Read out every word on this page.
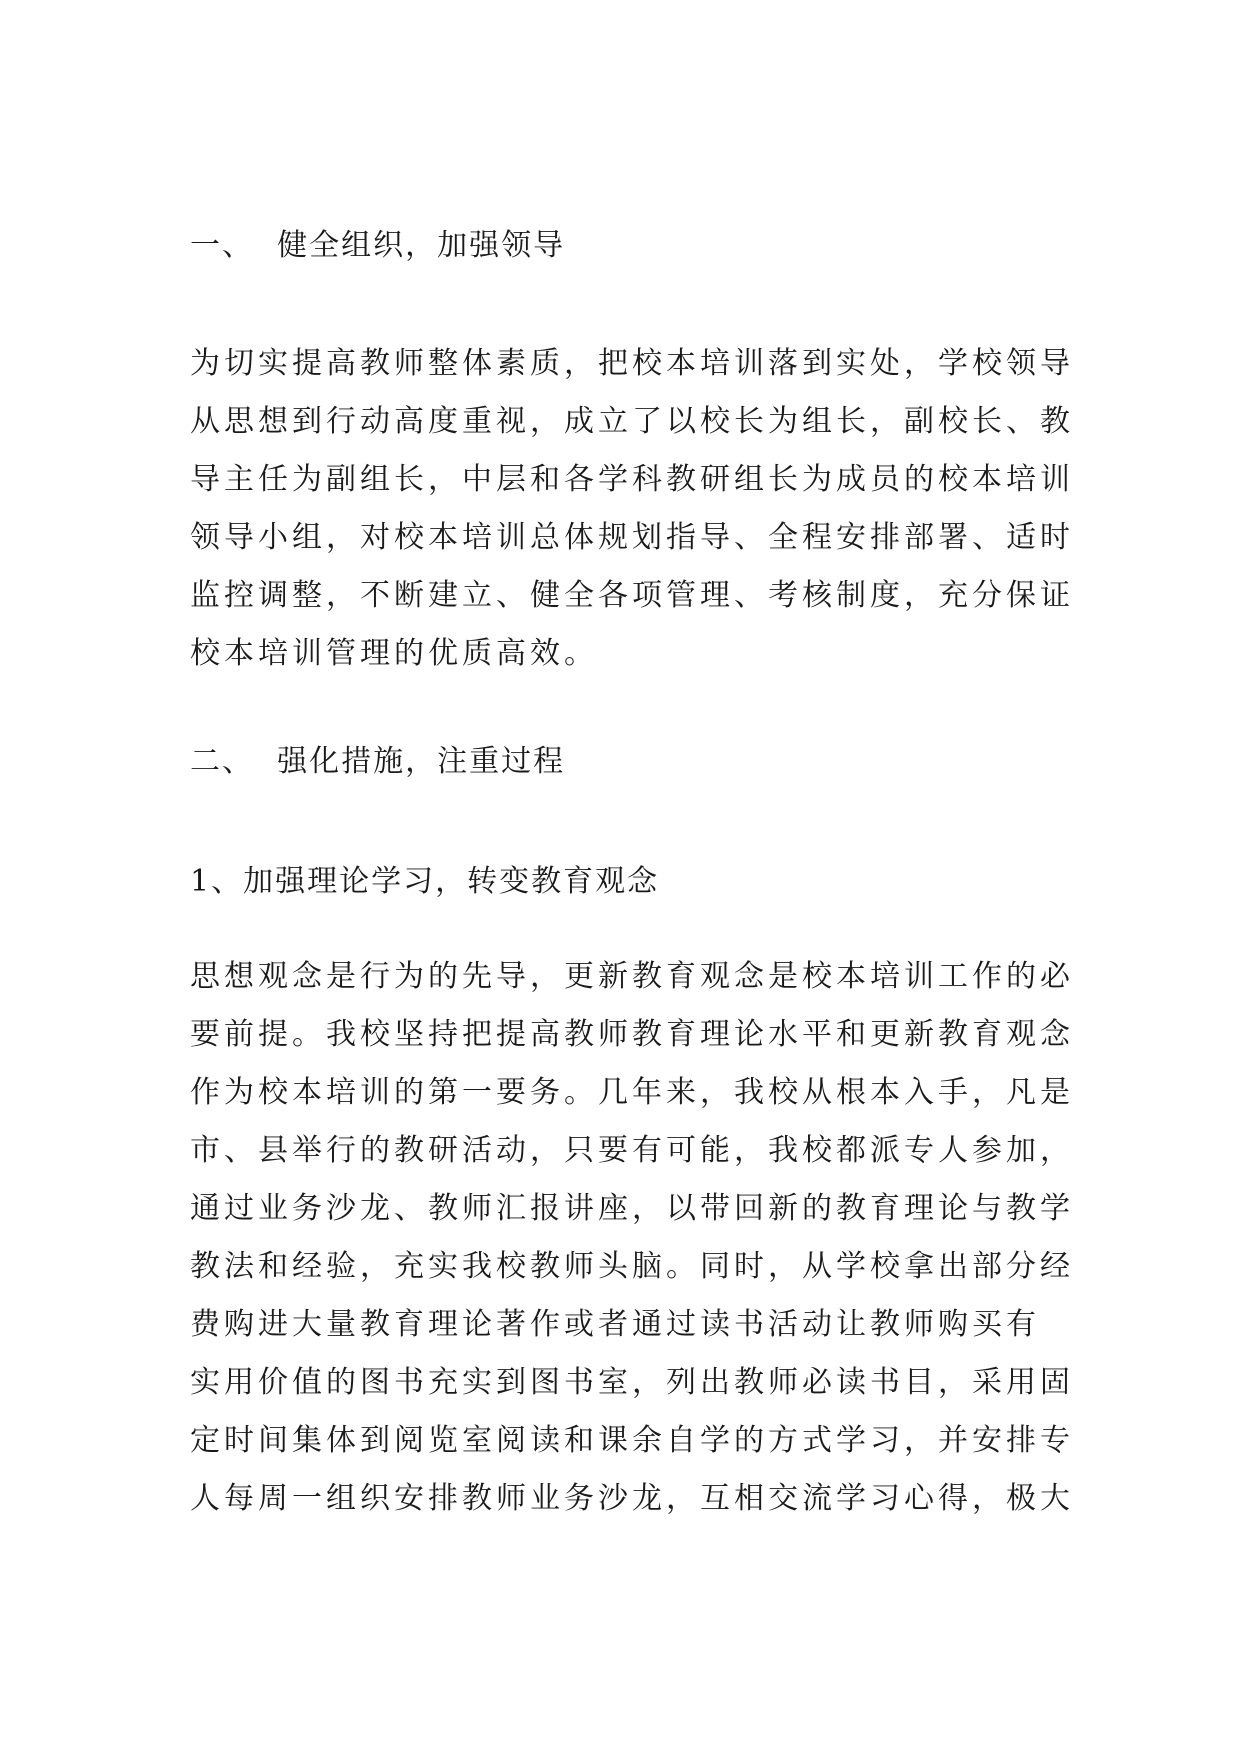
一、  健全组织，加强领导
为切实提高教师整体素质，把校本培训落到实处，学校领导
从思想到行动高度重视，成立了以校长为组长，副校长、教
导主任为副组长，中层和各学科教研组长为成员的校本培训
领导小组，对校本培训总体规划指导、全程安排部署、适时
监控调整，不断建立、健全各项管理、考核制度，充分保证
校本培训管理的优质高效。
二、  强化措施，注重过程
1、加强理论学习，转变教育观念
思想观念是行为的先导，更新教育观念是校本培训工作的必
要前提。我校坚持把提高教师教育理论水平和更新教育观念
作为校本培训的第一要务。几年来，我校从根本入手，凡是
市、县举行的教研活动，只要有可能，我校都派专人参加，
通过业务沙龙、教师汇报讲座，以带回新的教育理论与教学
教法和经验，充实我校教师头脑。同时，从学校拿出部分经
费购进大量教育理论著作或者通过读书活动让教师购买有
实用价值的图书充实到图书室，列出教师必读书目，采用固
定时间集体到阅览室阅读和课余自学的方式学习，并安排专
人每周一组织安排教师业务沙龙，互相交流学习心得，极大
